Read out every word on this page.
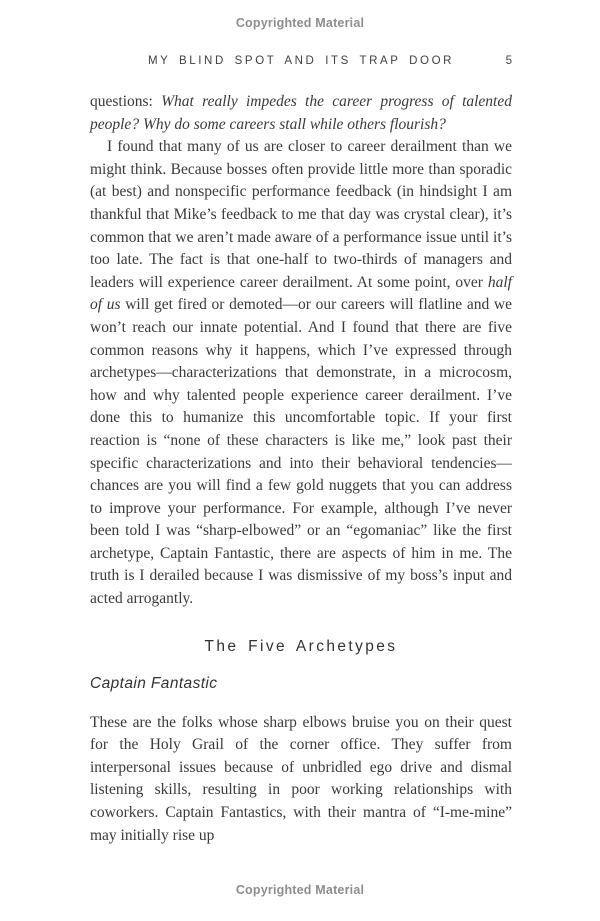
Copyrighted Material
MY BLIND SPOT AND ITS TRAP DOOR	5

questions: What really impedes the career progress of talented people? Why do some careers stall while others flourish?

I found that many of us are closer to career derailment than we might think. Because bosses often provide little more than sporadic (at best) and nonspecific performance feedback (in hindsight I am thankful that Mike’s feedback to me that day was crystal clear), it’s common that we aren’t made aware of a performance issue until it’s too late. The fact is that one-half to two-thirds of managers and leaders will experience career derailment. At some point, over half of us will get fired or demoted—or our careers will flatline and we won’t reach our innate potential. And I found that there are five common reasons why it happens, which I’ve expressed through archetypes—characterizations that demonstrate, in a microcosm, how and why talented people experience career derailment. I’ve done this to humanize this uncomfortable topic. If your first reaction is “none of these characters is like me,” look past their specific characterizations and into their behavioral tendencies—chances are you will find a few gold nuggets that you can address to improve your performance. For example, although I’ve never been told I was “sharp-elbowed” or an “egomaniac” like the first archetype, Captain Fantastic, there are aspects of him in me. The truth is I derailed because I was dismissive of my boss’s input and acted arrogantly.

The Five Archetypes
Captain Fantastic

These are the folks whose sharp elbows bruise you on their quest for the Holy Grail of the corner office. They suffer from interpersonal issues because of unbridled ego drive and dismal listening skills, resulting in poor working relationships with coworkers. Captain Fantastics, with their mantra of “I-me-mine” may initially rise up

Copyrighted Material
